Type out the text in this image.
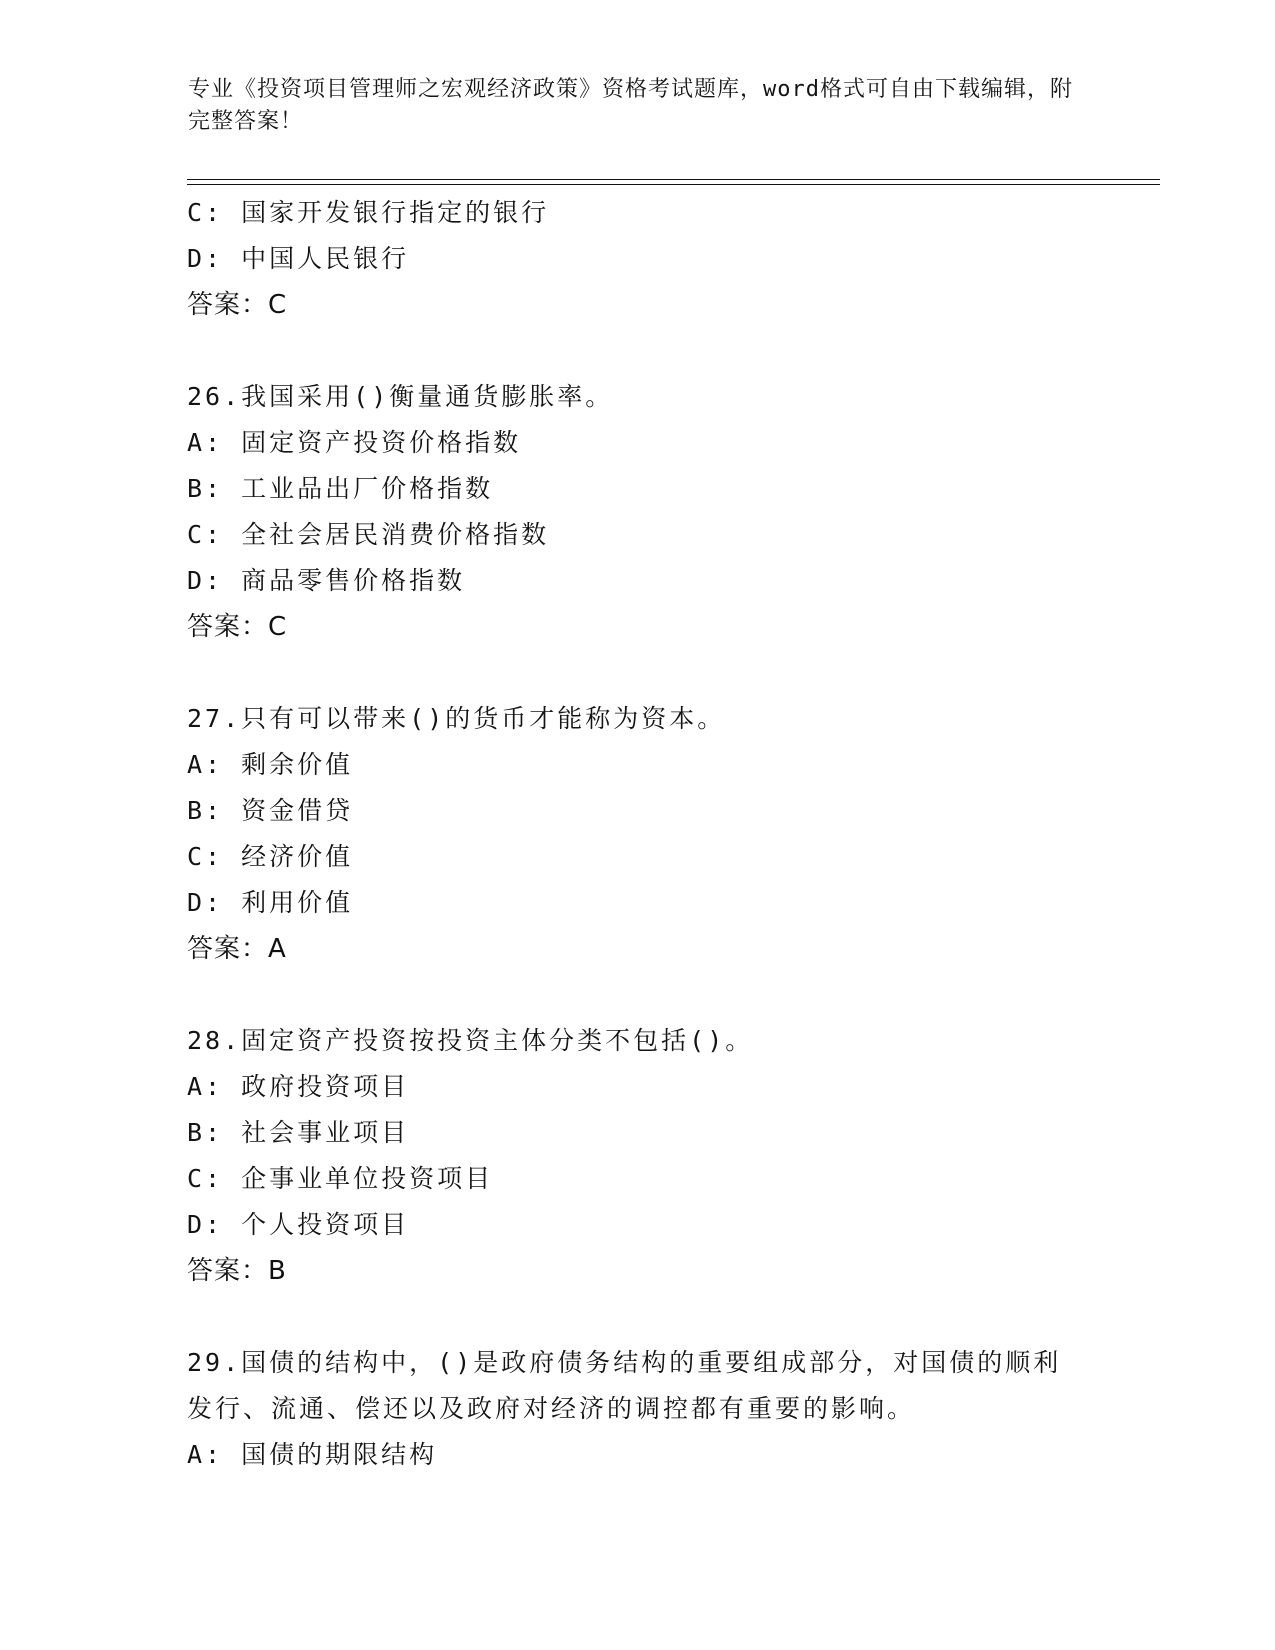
专业《投资项目管理师之宏观经济政策》资格考试题库，word格式可自由下载编辑，附完整答案！
C: 国家开发银行指定的银行
D: 中国人民银行
答案：C
26.我国采用()衡量通货膨胀率。
A: 固定资产投资价格指数
B: 工业品出厂价格指数
C: 全社会居民消费价格指数
D: 商品零售价格指数
答案：C
27.只有可以带来()的货币才能称为资本。
A: 剩余价值
B: 资金借贷
C: 经济价值
D: 利用价值
答案：A
28.固定资产投资按投资主体分类不包括()。
A: 政府投资项目
B: 社会事业项目
C: 企事业单位投资项目
D: 个人投资项目
答案：B
29.国债的结构中，()是政府债务结构的重要组成部分，对国债的顺利
发行、流通、偿还以及政府对经济的调控都有重要的影响。
A: 国债的期限结构
